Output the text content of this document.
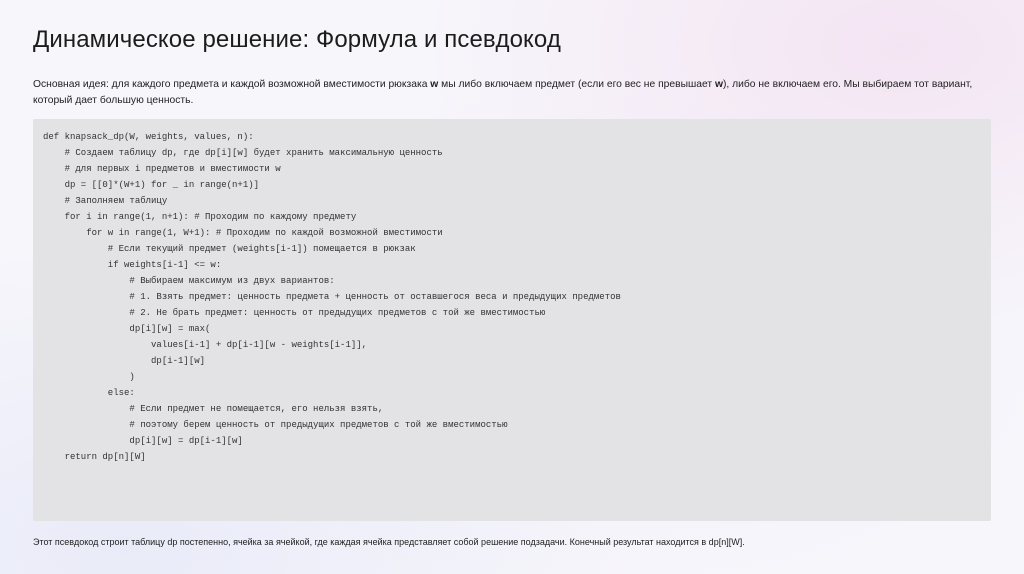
Динамическое решение: Формула и псевдокод

Основная идея: для каждого предмета и каждой возможной вместимости рюкзака w мы либо включаем предмет (если его вес не превышает w), либо не включаем его. Мы выбираем тот вариант, который дает большую ценность.

def knapsack_dp(W, weights, values, n):
# Создаем таблицу dp, где dp[i][w] будет хранить максимальную ценность
# для первых i предметов и вместимости w
dp = [[0]*(W+1) for _ in range(n+1)]
# Заполняем таблицу
for i in range(1, n+1): # Проходим по каждому предмету
for w in range(1, W+1): # Проходим по каждой возможной вместимости
# Если текущий предмет (weights[i-1]) помещается в рюкзак
if weights[i-1] <= w:
# Выбираем максимум из двух вариантов:
# 1. Взять предмет: ценность предмета + ценность от оставшегося веса и предыдущих предметов
# 2. Не брать предмет: ценность от предыдущих предметов с той же вместимостью
dp[i][w] = max(
values[i-1] + dp[i-1][w - weights[i-1]],
dp[i-1][w]
)
else:
# Если предмет не помещается, его нельзя взять,
# поэтому берем ценность от предыдущих предметов с той же вместимостью
dp[i][w] = dp[i-1][w]
return dp[n][W]

Этот псевдокод строит таблицу dp постепенно, ячейка за ячейкой, где каждая ячейка представляет собой решение подзадачи. Конечный результат находится в dp[n][W].
